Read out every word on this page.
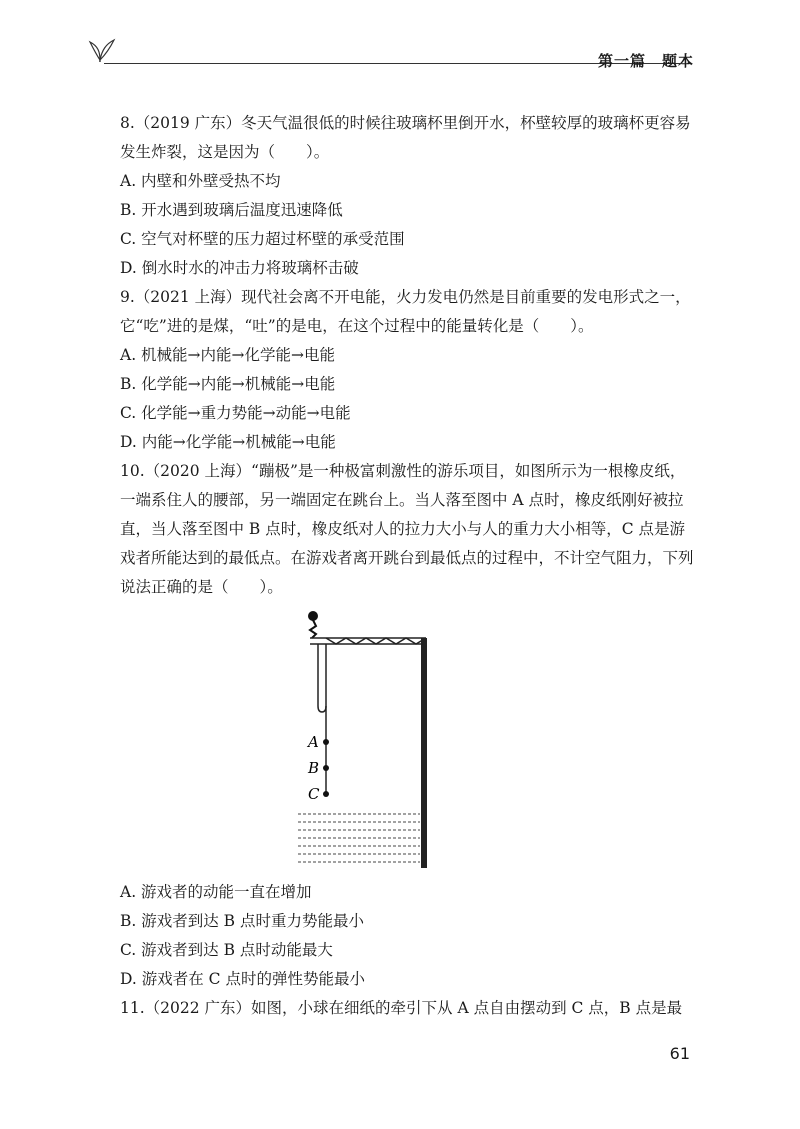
第一篇　题本

8.（2019 广东）冬天气温很低的时候往玻璃杯里倒开水，杯壁较厚的玻璃杯更容易发生炸裂，这是因为（　　）。

A. 内壁和外壁受热不均

B. 开水遇到玻璃后温度迅速降低

C. 空气对杯壁的压力超过杯壁的承受范围

D. 倒水时水的冲击力将玻璃杯击破

9.（2021 上海）现代社会离不开电能，火力发电仍然是目前重要的发电形式之一，它“吃”进的是煤，“吐”的是电，在这个过程中的能量转化是（　　）。

A. 机械能→内能→化学能→电能

B. 化学能→内能→机械能→电能

C. 化学能→重力势能→动能→电能

D. 内能→化学能→机械能→电能

10.（2020 上海）“蹦极”是一种极富刺激性的游乐项目，如图所示为一根橡皮纸，一端系住人的腰部，另一端固定在跳台上。当人落至图中 A 点时，橡皮纸刚好被拉直，当人落至图中 B 点时，橡皮纸对人的拉力大小与人的重力大小相等，C 点是游戏者所能达到的最低点。在游戏者离开跳台到最低点的过程中，不计空气阻力，下列说法正确的是（　　）。

A
B
C

A. 游戏者的动能一直在增加

B. 游戏者到达 B 点时重力势能最小

C. 游戏者到达 B 点时动能最大

D. 游戏者在 C 点时的弹性势能最小

11.（2022 广东）如图，小球在细纸的牵引下从 A 点自由摆动到 C 点，B 点是最

61
